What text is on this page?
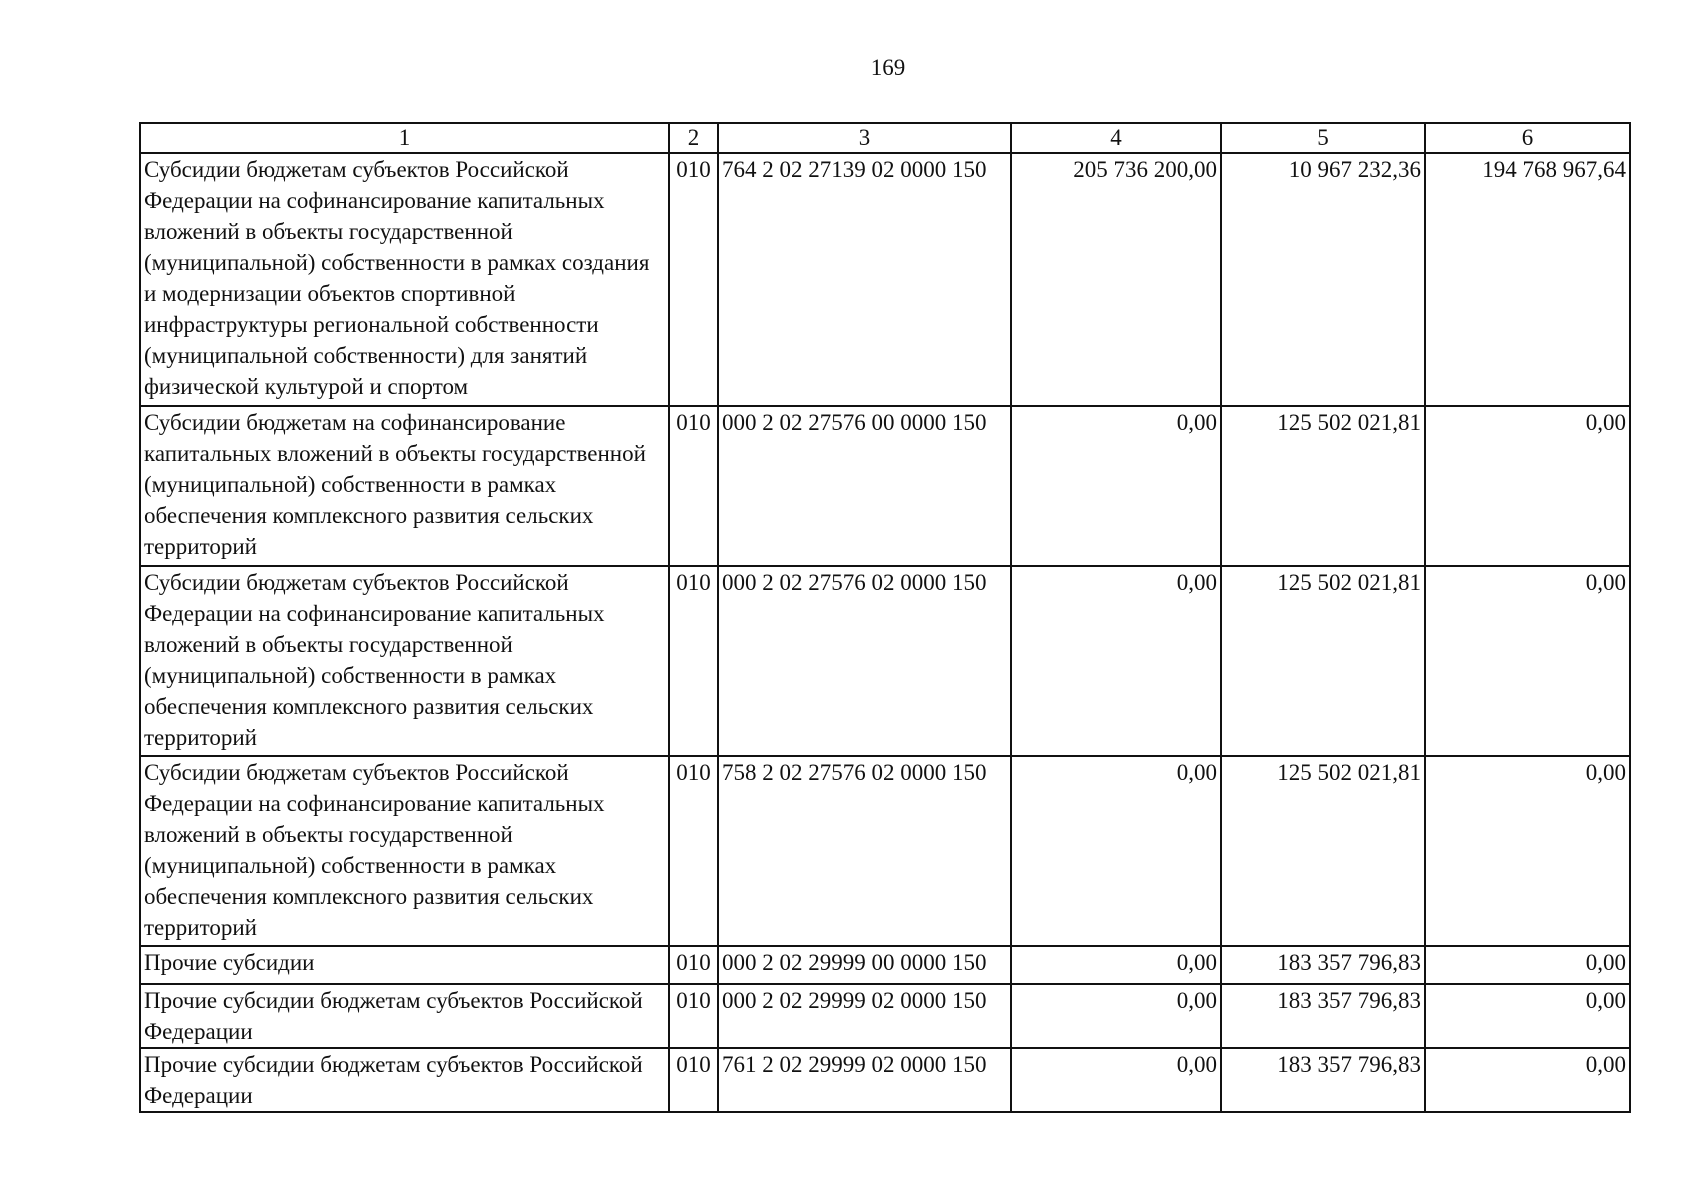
169
1	2	3	4	5	6
Субсидии бюджетам субъектов Российской Федерации на софинансирование капитальных вложений в объекты государственной (муниципальной) собственности в рамках создания и модернизации объектов спортивной инфраструктуры региональной собственности (муниципальной собственности) для занятий физической культурой и спортом	010	764 2 02 27139 02 0000 150	205 736 200,00	10 967 232,36	194 768 967,64
Субсидии бюджетам на софинансирование капитальных вложений в объекты государственной (муниципальной) собственности в рамках обеспечения комплексного развития сельских территорий	010	000 2 02 27576 00 0000 150	0,00	125 502 021,81	0,00
Субсидии бюджетам субъектов Российской Федерации на софинансирование капитальных вложений в объекты государственной (муниципальной) собственности в рамках обеспечения комплексного развития сельских территорий	010	000 2 02 27576 02 0000 150	0,00	125 502 021,81	0,00
Субсидии бюджетам субъектов Российской Федерации на софинансирование капитальных вложений в объекты государственной (муниципальной) собственности в рамках обеспечения комплексного развития сельских территорий	010	758 2 02 27576 02 0000 150	0,00	125 502 021,81	0,00
Прочие субсидии	010	000 2 02 29999 00 0000 150	0,00	183 357 796,83	0,00
Прочие субсидии бюджетам субъектов Российской Федерации	010	000 2 02 29999 02 0000 150	0,00	183 357 796,83	0,00
Прочие субсидии бюджетам субъектов Российской Федерации	010	761 2 02 29999 02 0000 150	0,00	183 357 796,83	0,00
